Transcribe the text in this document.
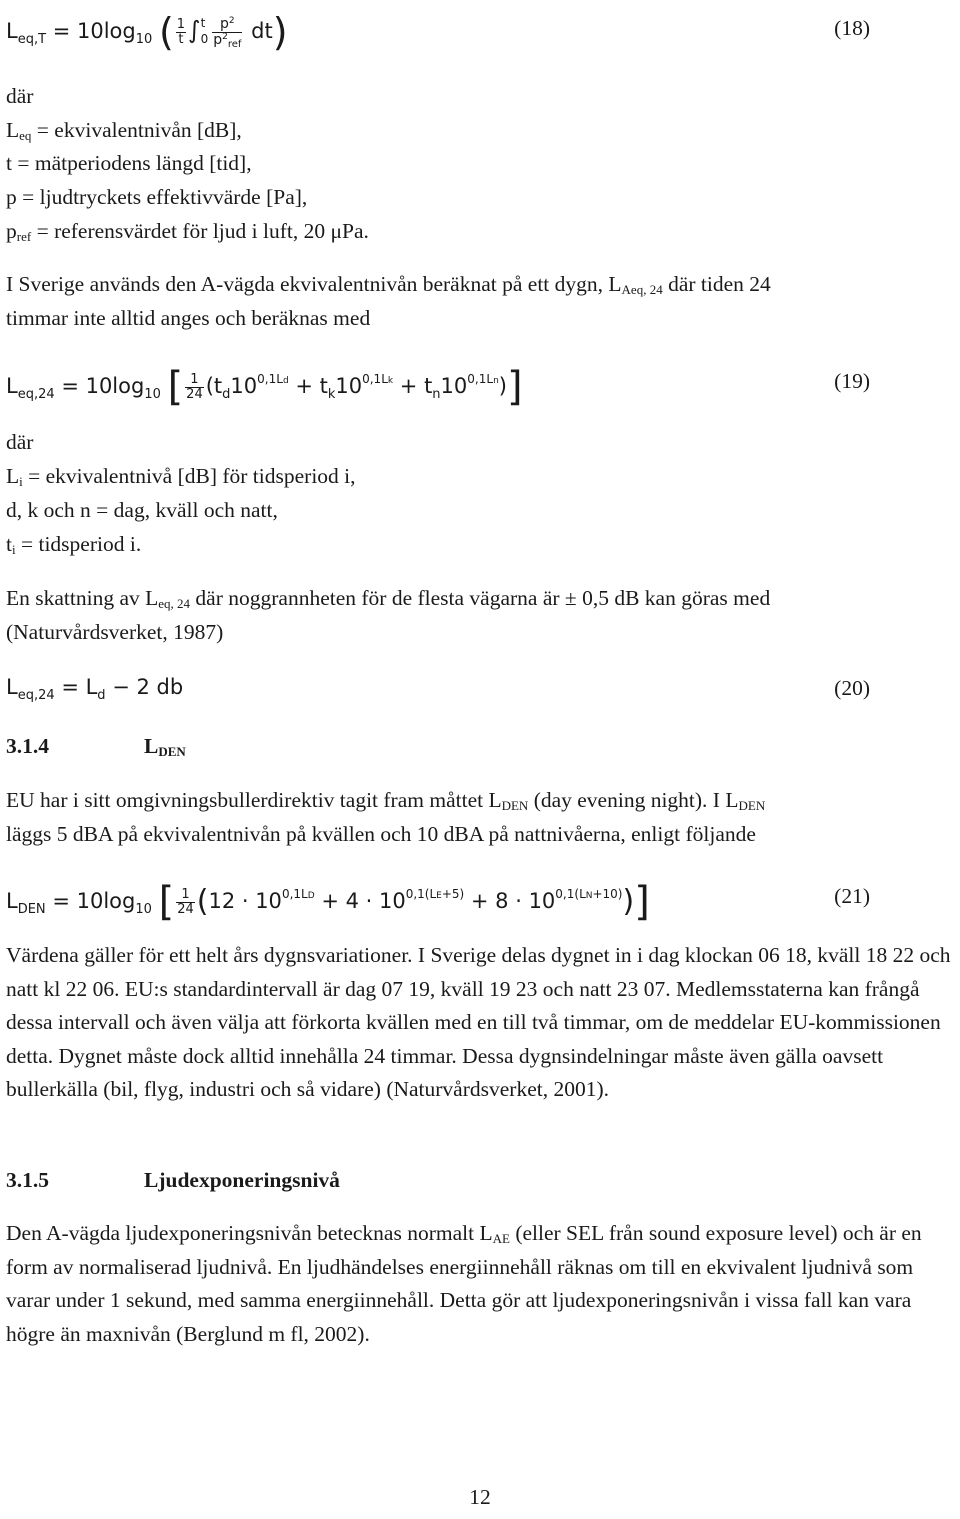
$L_{eq,T} = 10\log_{10}$ ( $\frac{1}{t}$ ∫ t
$0 \frac{p^2}{p^2_{ref}} dt$)	(18)
där
$L_{eq}$ = ekvivalentnivån [dB],
t = mätperiodens längd [tid],
p = ljudtryckets effektivvärde [Pa],
$p_{ref}$ = referensvärdet för ljud i luft, 20 μPa.
I Sverige används den A-vägda ekvivalentnivån beräknat på ett dygn, $L_{Aeq, 24}$ där tiden 24
timmar inte alltid anges och beräknas med
$L_{eq,24} = 10\log_{10}$ [ $\frac{1}{24} (t_d10^{0,1Ld} + t_k10^{0,1Lk} + t_n10^{0,1Ln})$]	(19)
där
$L_i$ = ekvivalentnivå [dB] för tidsperiod i,
d, k och n = dag, kväll och natt,
$t_i$ = tidsperiod i.
En skattning av $L_{eq, 24}$ där noggrannheten för de flesta vägarna är ± 0,5 dB kan göras med
(Naturvårdsverket, 1987)
$L_{eq,24} = L_d - 2$ db	(20)
3.1.4	$L_{DEN}$
EU har i sitt omgivningsbullerdirektiv tagit fram måttet $L_{DEN}$ (day evening night). I $L_{DEN}$
läggs 5 dBA på ekvivalentnivån på kvällen och 10 dBA på nattnivåerna, enligt följande
$L_{DEN} = 10\log_{10}$ [ $\frac{1}{24} (12 \cdot 10^{0,1LD} + 4 \cdot 10^{0,1(LE+5)} + 8 \cdot 10^{0,1(LN+10)})$]	(21)
Värdena gäller för ett helt års dygnsvariationer. I Sverige delas dygnet in i dag klockan 06 18, kväll 18 22 och natt kl 22 06. EU:s standardintervall är dag 07 19, kväll 19 23 och natt 23 07. Medlemsstaterna kan frångå dessa intervall och även välja att förkorta kvällen med en till två timmar, om de meddelar EU-kommissionen detta. Dygnet måste dock alltid innehålla 24 timmar. Dessa dygnsindelningar måste även gälla oavsett bullerkälla (bil, flyg, industri och så vidare) (Naturvårdsverket, 2001).
3.1.5	Ljudexponeringsnivå
Den A-vägda ljudexponeringsnivån betecknas normalt $L_{AE}$ (eller SEL från sound exposure level) och är en form av normaliserad ljudnivå. En ljudhändelses energiinnehåll räknas om till en ekvivalent ljudnivå som varar under 1 sekund, med samma energiinnehåll. Detta gör att ljudexponeringsnivån i vissa fall kan vara högre än maxnivån (Berglund m fl, 2002).
12
